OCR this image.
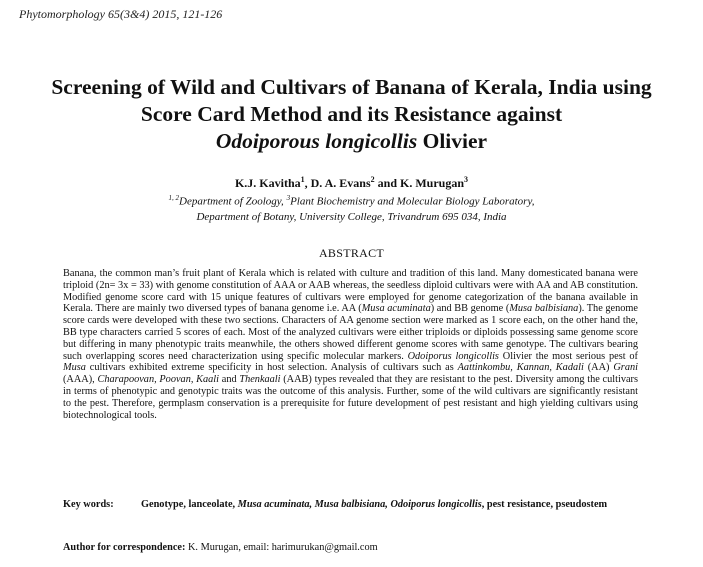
Phytomorphology 65(3&4) 2015, 121-126
Screening of Wild and Cultivars of Banana of Kerala, India using
Score Card Method and its Resistance against
Odoiporous longicollis Olivier
K.J. Kavitha$^1$, D. A. Evans$^2$ and K. Murugan$^3$
$^{1, 2}$Department of Zoology, $^3$Plant Biochemistry and Molecular Biology Laboratory,
Department of Botany, University College, Trivandrum 695 034, India
ABSTRACT
Banana, the common man’s fruit plant of Kerala which is related with culture and tradition of this land. Many domesticated banana were triploid (2n= 3x = 33) with genome constitution of AAA or AAB whereas, the seedless diploid cultivars were with AA and AB constitution. Modified genome score card with 15 unique features of cultivars were employed for genome categorization of the banana available in Kerala. There are mainly two diversed types of banana genome i.e. AA (Musa acuminata) and BB genome (Musa balbisiana). The genome score cards were developed with these two sections. Characters of AA genome section were marked as 1 score each, on the other hand the, BB type characters carried 5 scores of each. Most of the analyzed cultivars were either triploids or diploids possessing same genome score but differing in many phenotypic traits meanwhile, the others showed different genome scores with same genotype. The cultivars bearing such overlapping scores need characterization using specific molecular markers. Odoiporus longicollis Olivier the most serious pest of Musa cultivars exhibited extreme specificity in host selection. Analysis of cultivars such as Aattinkombu, Kannan, Kadali (AA) Grani (AAA), Charapoovan, Poovan, Kaali and Thenkaali (AAB) types revealed that they are resistant to the pest. Diversity among the cultivars in terms of phenotypic and genotypic traits was the outcome of this analysis. Further, some of the wild cultivars are significantly resistant to the pest. Therefore, germplasm conservation is a prerequisite for future development of pest resistant and high yielding cultivars using biotechnological tools.
Key words:	Genotype, lanceolate, Musa acuminata, Musa balbisiana, Odoiporus longicollis, pest resistance, pseudostem
Author for correspondence: K. Murugan, email: harimurukan@gmail.com
